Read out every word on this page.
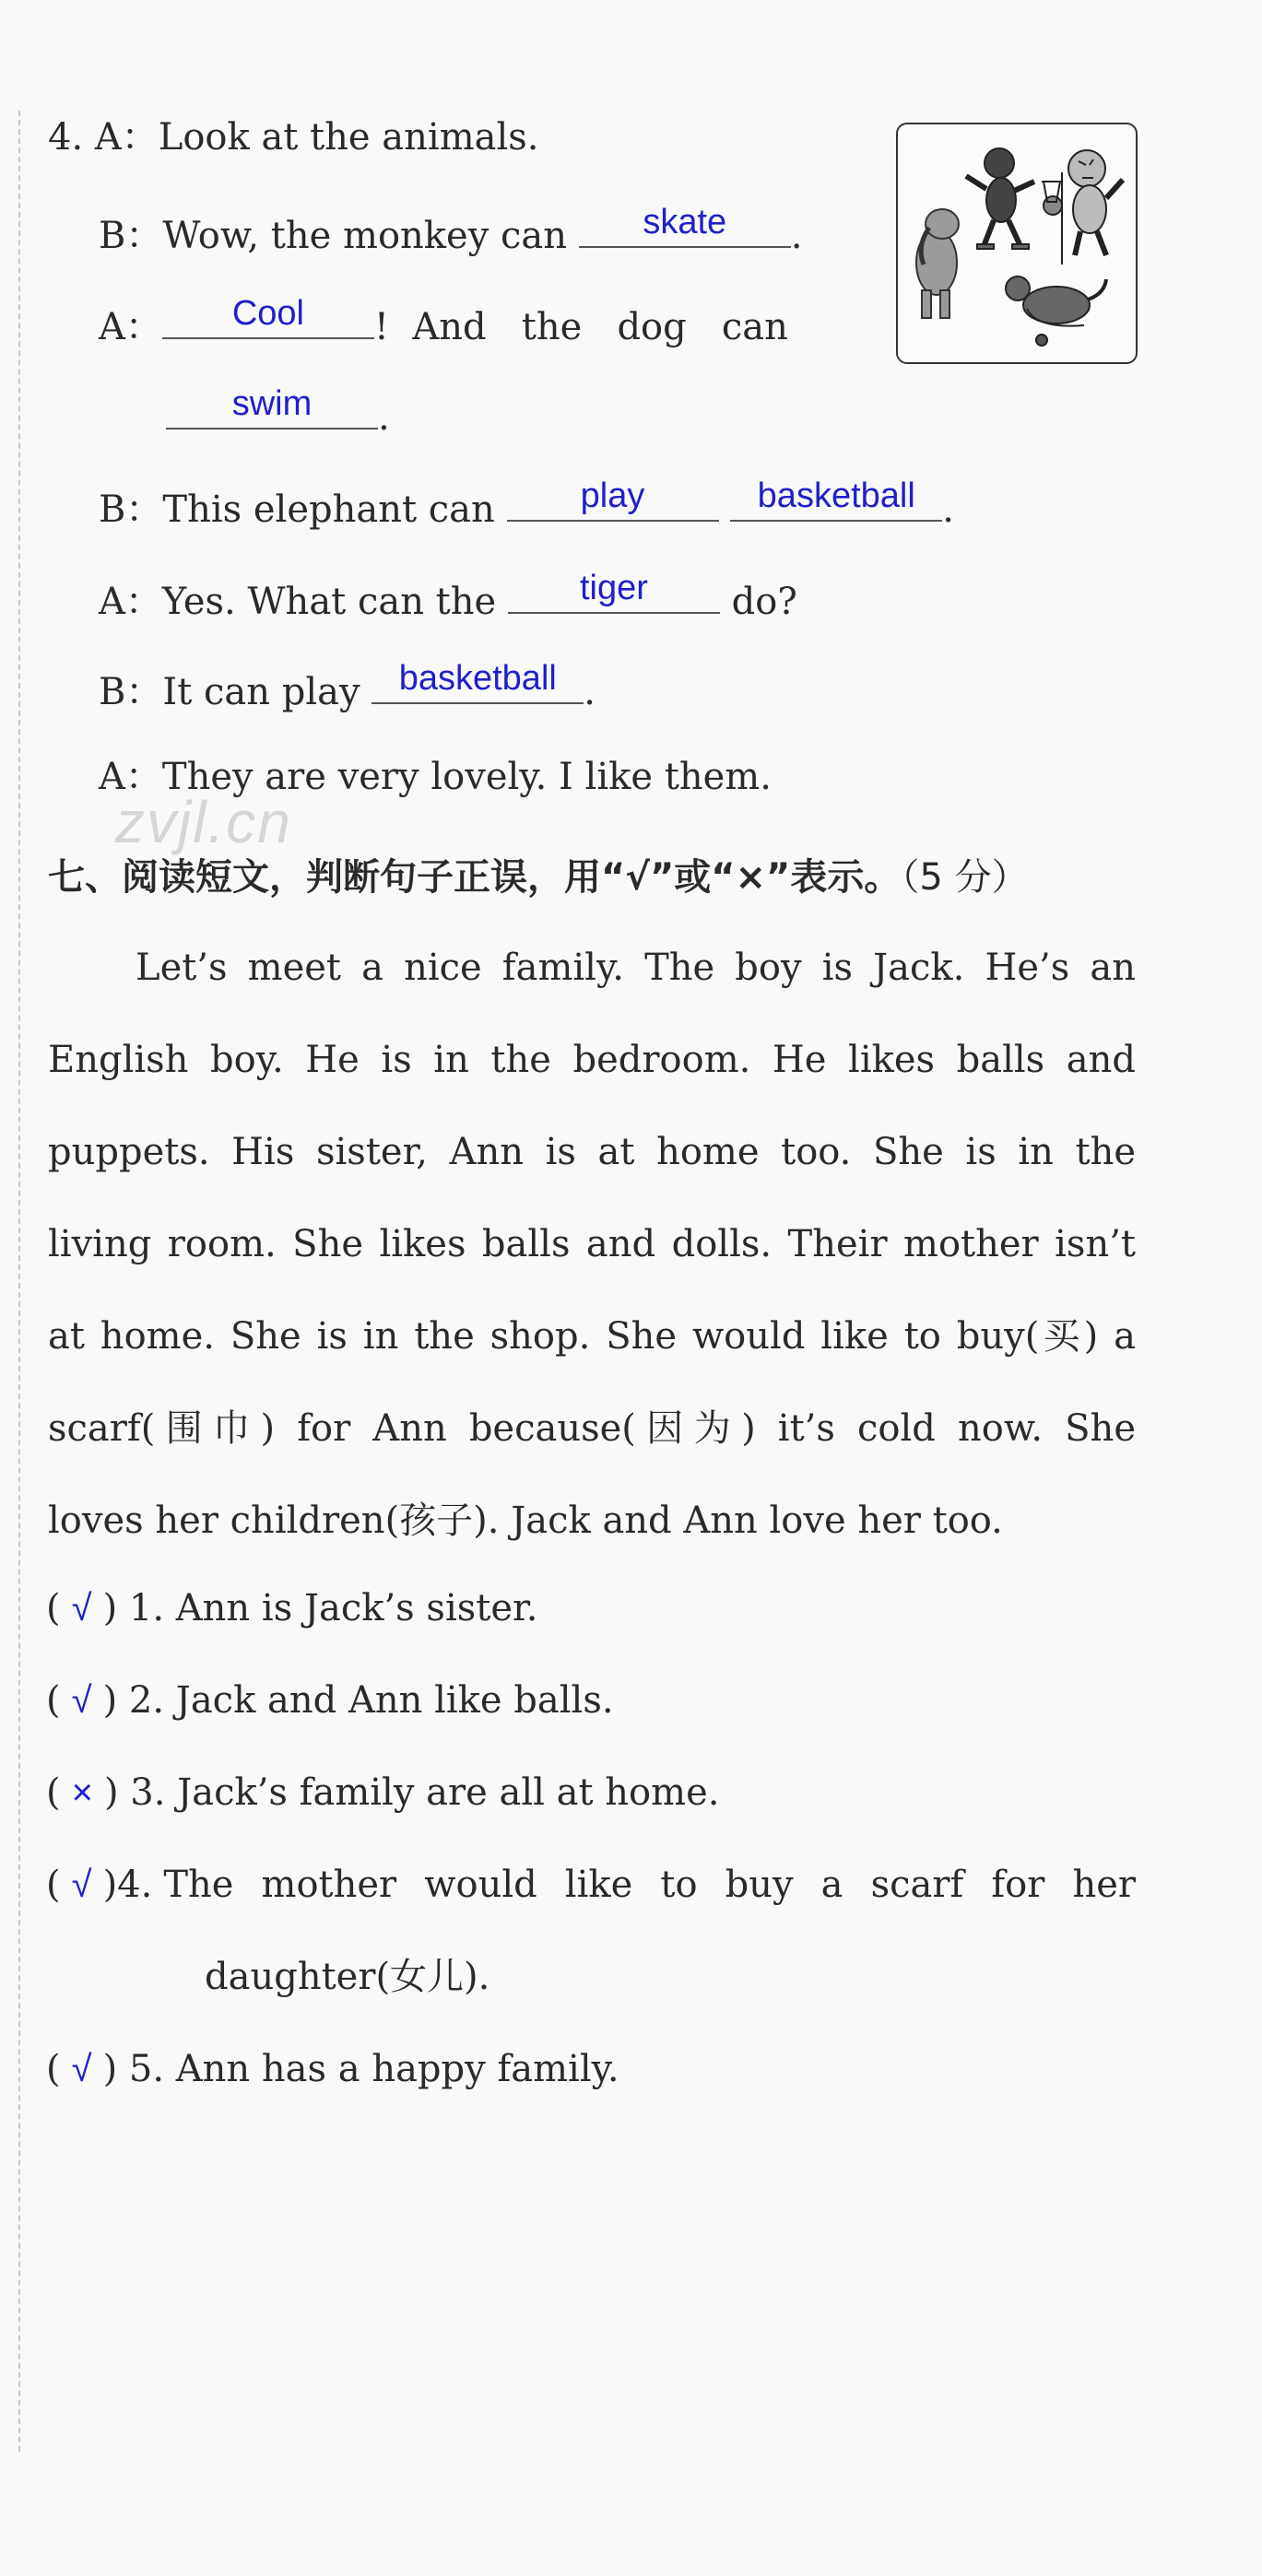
4. A：Look at the animals.
B：Wow, the monkey can	skate	.
A：	Cool	!  And   the   dog   can
swim	.
B：This elephant can	play
	basketball .
A：Yes. What can the	tiger	do?
B：It can play	basketball .
A：They are very lovely. I like them.
zvjl.cn
七、阅读短文，判断句子正误，用“√”或“×”表示。（5 分）
Let’s meet a nice family. The boy is Jack. He’s an
English boy. He is in the bedroom. He likes balls and
puppets. His sister, Ann is at home too. She is in the
living room. She likes balls and dolls. Their mother isn’t
at home. She is in the shop. She would like to buy(买) a
scarf(围巾) for Ann because(因为) it’s cold now. She
loves her children(孩子). Jack and Ann love her too.
( √ ) 1. Ann is Jack’s sister.
( √ ) 2. Jack and Ann like balls.
( × ) 3. Jack’s family are all at home.
( √ ) 4. The mother would like to buy a scarf for her
daughter(女儿).
( √ ) 5. Ann has a happy family.
